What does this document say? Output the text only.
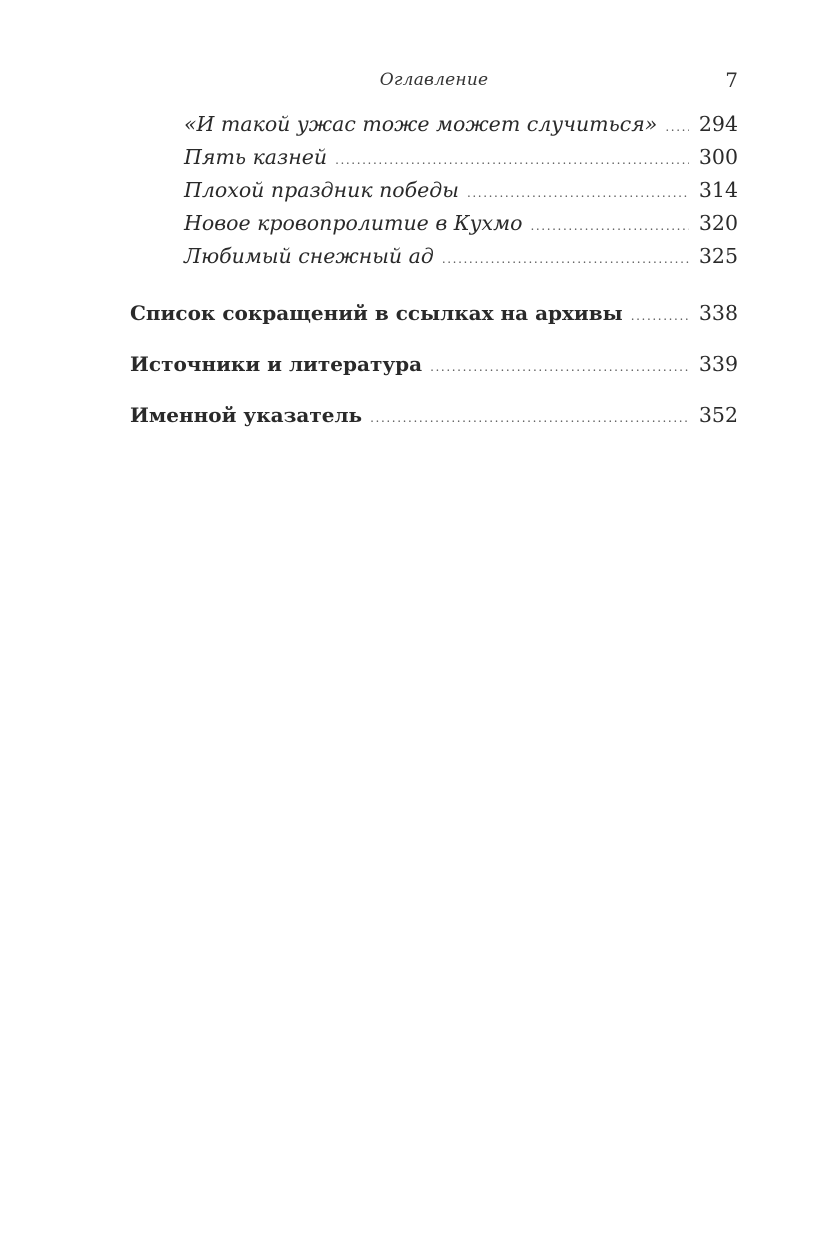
Оглавление	7
«И такой ужас тоже может случиться» ..... 294
Пять казней .....	300
Плохой праздник победы .....	314
Новое кровопролитие в Кухмо .....	320
Любимый снежный ад .....	325
Список сокращений в ссылках на архивы .....	338
Источники и литература .....	339
Именной указатель .....	352
